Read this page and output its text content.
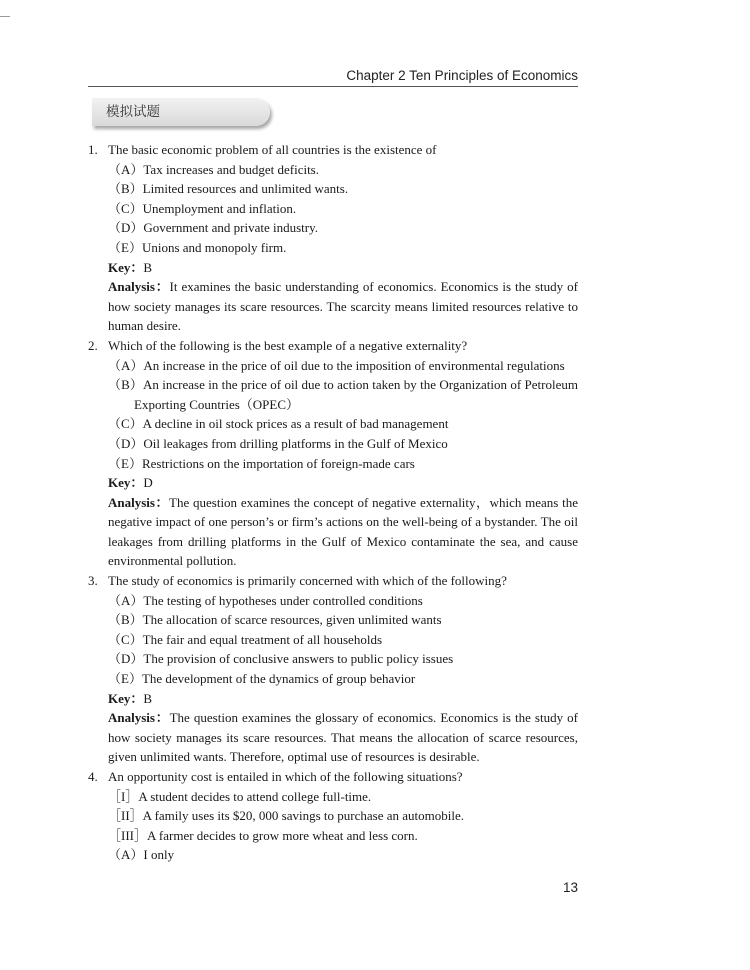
Chapter 2 Ten Principles of Economics
模拟试题
1. The basic economic problem of all countries is the existence of
（A）Tax increases and budget deficits.
（B）Limited resources and unlimited wants.
（C）Unemployment and inflation.
（D）Government and private industry.
（E）Unions and monopoly firm.
Key：B
Analysis：It examines the basic understanding of economics. Economics is the study of how society manages its scare resources. The scarcity means limited resources relative to human desire.
2. Which of the following is the best example of a negative externality?
（A）An increase in the price of oil due to the imposition of environmental regulations
（B）An increase in the price of oil due to action taken by the Organization of Petroleum
Exporting Countries（OPEC）
（C）A decline in oil stock prices as a result of bad management
（D）Oil leakages from drilling platforms in the Gulf of Mexico
（E）Restrictions on the importation of foreign-made cars
Key：D
Analysis：The question examines the concept of negative externality，which means the negative impact of one person’s or firm’s actions on the well-being of a bystander. The oil leakages from drilling platforms in the Gulf of Mexico contaminate the sea, and cause environmental pollution.
3. The study of economics is primarily concerned with which of the following?
（A）The testing of hypotheses under controlled conditions
（B）The allocation of scarce resources, given unlimited wants
（C）The fair and equal treatment of all households
（D）The provision of conclusive answers to public policy issues
（E）The development of the dynamics of group behavior
Key：B
Analysis：The question examines the glossary of economics. Economics is the study of how society manages its scare resources. That means the allocation of scarce resources, given unlimited wants. Therefore, optimal use of resources is desirable.
4. An opportunity cost is entailed in which of the following situations?
［I］A student decides to attend college full-time.
［II］A family uses its $20, 000 savings to purchase an automobile.
［III］A farmer decides to grow more wheat and less corn.
（A）I only
13
